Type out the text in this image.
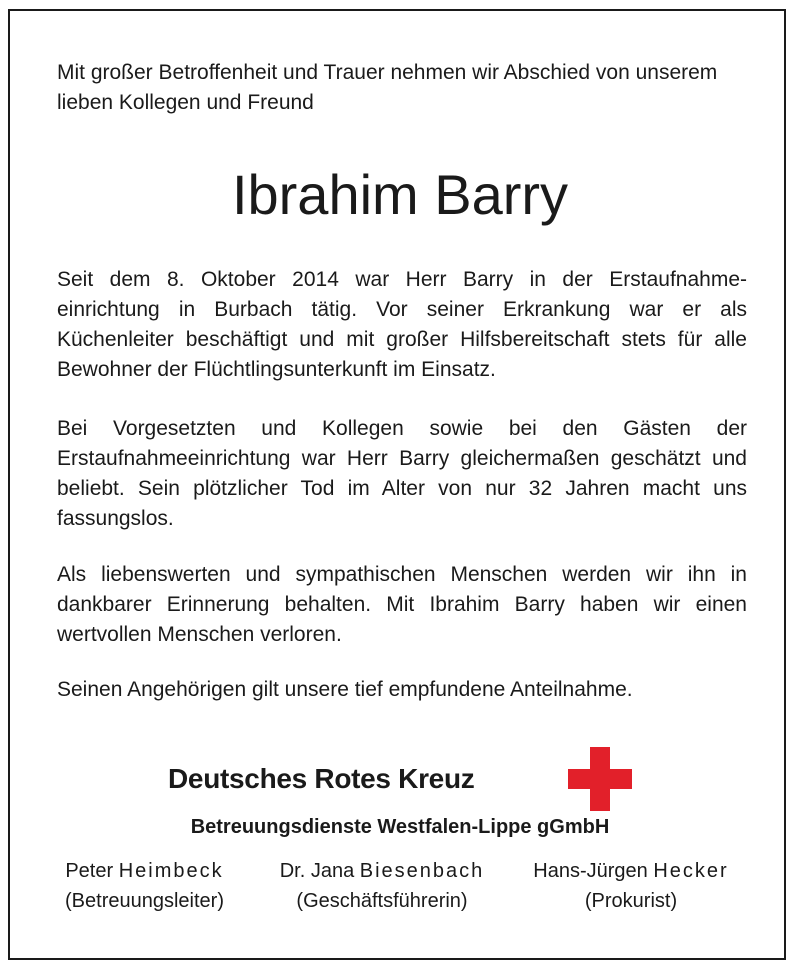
Mit großer Betroffenheit und Trauer nehmen wir Abschied von unserem lieben Kollegen und Freund
Ibrahim Barry

Seit dem 8. Oktober 2014 war Herr Barry in der Erstaufnahme- einrichtung in Burbach tätig. Vor seiner Erkrankung war er als Küchenleiter beschäftigt und mit großer Hilfsbereitschaft stets für alle Bewohner der Flüchtlingsunterkunft im Einsatz.

Bei Vorgesetzten und Kollegen sowie bei den Gästen der Erstaufnahmeeinrichtung war Herr Barry gleichermaßen geschätzt und beliebt. Sein plötzlicher Tod im Alter von nur 32 Jahren macht uns fassungslos.

Als liebenswerten und sympathischen Menschen werden wir ihn in dankbarer Erinnerung behalten. Mit Ibrahim Barry haben wir einen wertvollen Menschen verloren.

Seinen Angehörigen gilt unsere tief empfundene Anteilnahme.

Deutsches Rotes Kreuz
Betreuungsdienste Westfalen-Lippe gGmbH
Peter Heimbeck
(Betreuungsleiter)
Dr. Jana Biesenbach
(Geschäftsführerin)
Hans-Jürgen Hecker
(Prokurist)
